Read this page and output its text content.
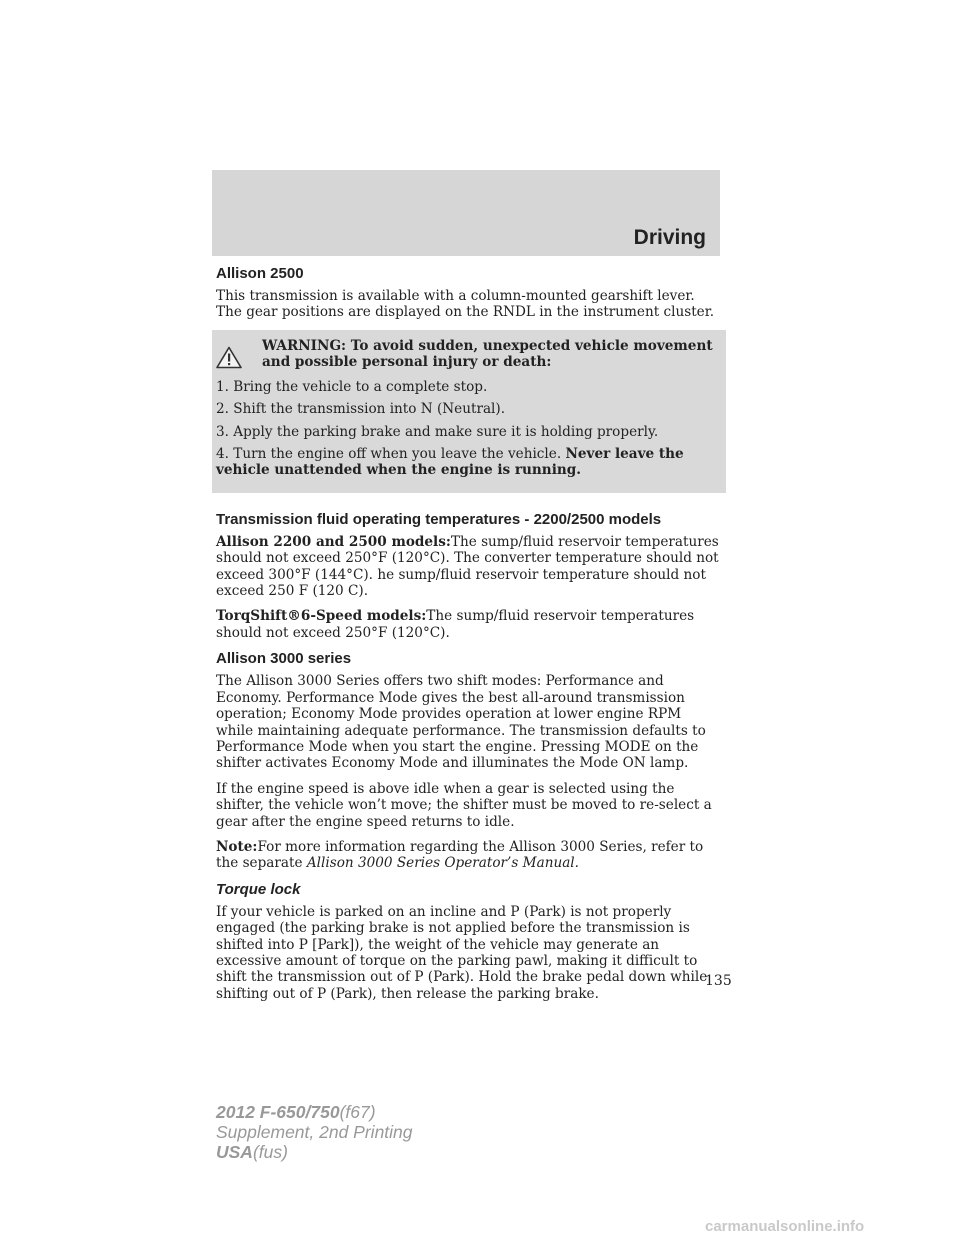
Driving
Allison 2500

This transmission is available with a column-mounted gearshift lever. The gear positions are displayed on the RNDL in the instrument cluster.

WARNING: To avoid sudden, unexpected vehicle movement and possible personal injury or death:

1. Bring the vehicle to a complete stop.

2. Shift the transmission into N (Neutral).

3. Apply the parking brake and make sure it is holding properly.

4. Turn the engine off when you leave the vehicle. Never leave the vehicle unattended when the engine is running.

Transmission fluid operating temperatures - 2200/2500 models

Allison 2200 and 2500 models:The sump/fluid reservoir temperatures should not exceed 250°F (120°C). The converter temperature should not exceed 300°F (144°C). he sump/fluid reservoir temperature should not exceed 250 F (120 C).

TorqShift®6-Speed models:The sump/fluid reservoir temperatures should not exceed 250°F (120°C).

Allison 3000 series

The Allison 3000 Series offers two shift modes: Performance and Economy. Performance Mode gives the best all-around transmission operation; Economy Mode provides operation at lower engine RPM while maintaining adequate performance. The transmission defaults to Performance Mode when you start the engine. Pressing MODE on the shifter activates Economy Mode and illuminates the Mode ON lamp.

If the engine speed is above idle when a gear is selected using the shifter, the vehicle won’t move; the shifter must be moved to re-select a gear after the engine speed returns to idle.

Note:For more information regarding the Allison 3000 Series, refer to the separate Allison 3000 Series Operator’s Manual.

Torque lock

If your vehicle is parked on an incline and P (Park) is not properly engaged (the parking brake is not applied before the transmission is shifted into P [Park]), the weight of the vehicle may generate an excessive amount of torque on the parking pawl, making it difficult to shift the transmission out of P (Park). Hold the brake pedal down while shifting out of P (Park), then release the parking brake.

135
2012 F-650/750(f67)
Supplement, 2nd Printing
USA(fus)
carmanualsonline.info
